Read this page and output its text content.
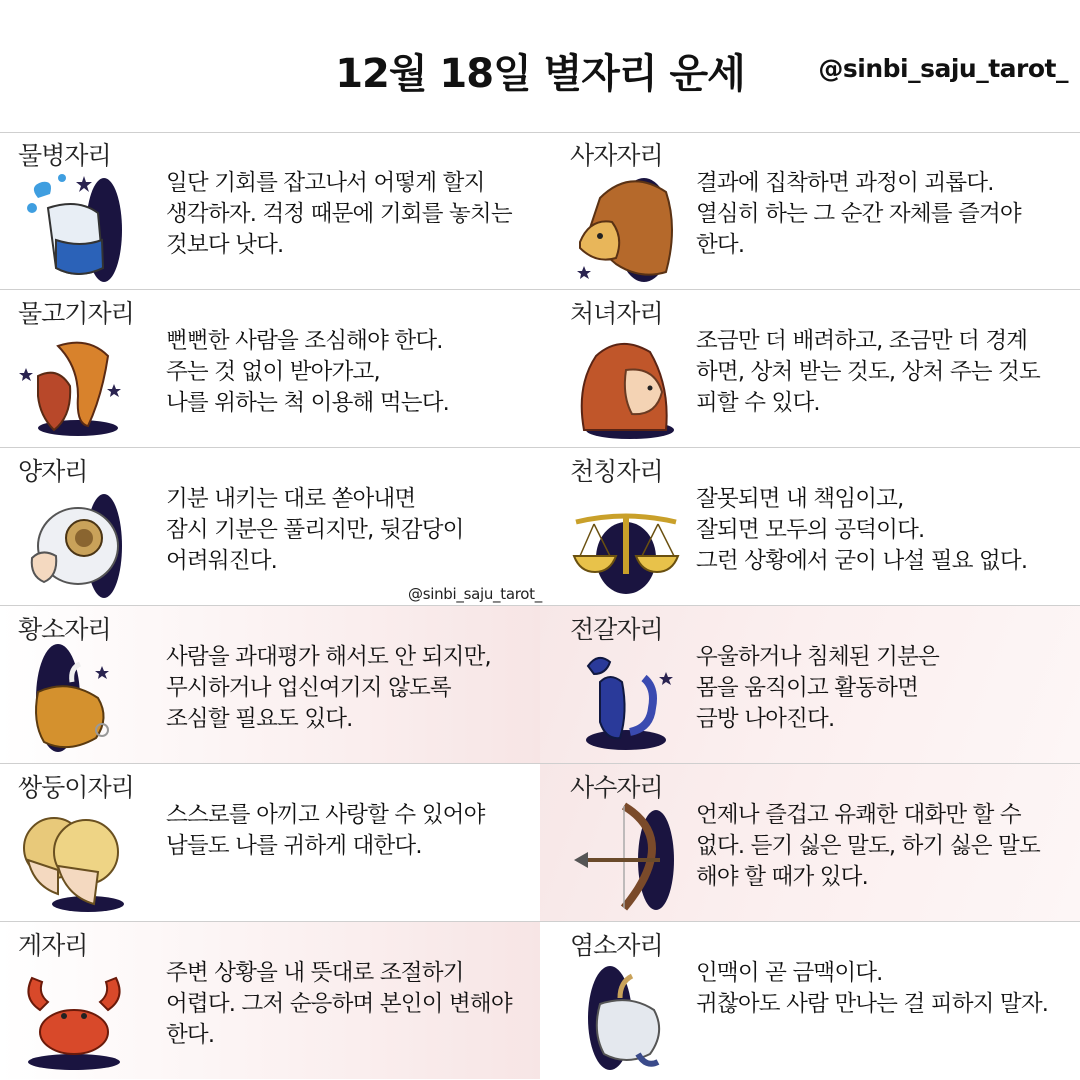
12월 18일 별자리 운세	@sinbi_saju_tarot_
물병자리
일단 기회를 잡고나서 어떻게 할지
생각하자. 걱정 때문에 기회를 놓치는
것보다 낫다.
사자자리
결과에 집착하면 과정이 괴롭다.
열심히 하는 그 순간 자체를 즐겨야
한다.
물고기자리
뻔뻔한 사람을 조심해야 한다.
주는 것 없이 받아가고,
나를 위하는 척 이용해 먹는다.
처녀자리
조금만 더 배려하고, 조금만 더 경계
하면, 상처 받는 것도, 상처 주는 것도
피할 수 있다.
양자리
기분 내키는 대로 쏟아내면
잠시 기분은 풀리지만, 뒷감당이
어려워진다.
천칭자리
잘못되면 내 책임이고,
잘되면 모두의 공덕이다.
그런 상황에서 굳이 나설 필요 없다.
황소자리
사람을 과대평가 해서도 안 되지만,
무시하거나 업신여기지 않도록
조심할 필요도 있다.
전갈자리
우울하거나 침체된 기분은
몸을 움직이고 활동하면
금방 나아진다.
쌍둥이자리
스스로를 아끼고 사랑할 수 있어야
남들도 나를 귀하게 대한다.
사수자리
언제나 즐겁고 유쾌한 대화만 할 수
없다. 듣기 싫은 말도, 하기 싫은 말도
해야 할 때가 있다.
게자리
주변 상황을 내 뜻대로 조절하기
어렵다. 그저 순응하며 본인이 변해야
한다.
염소자리
인맥이 곧 금맥이다.
귀찮아도 사람 만나는 걸 피하지 말자.
@sinbi_saju_tarot_
